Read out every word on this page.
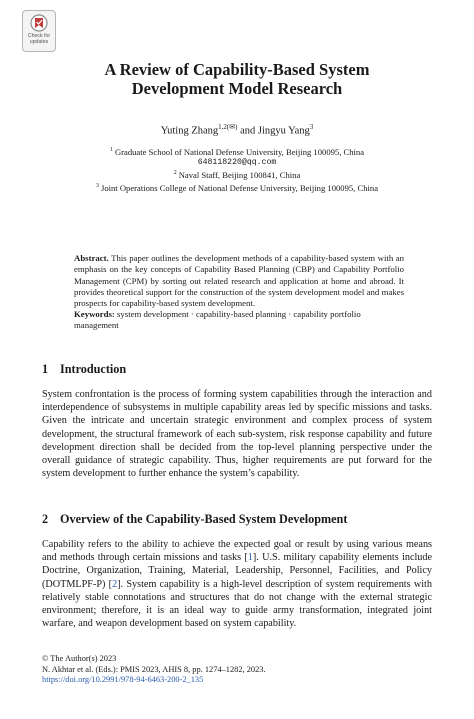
Check for
updates
A Review of Capability-Based System
Development Model Research
Yuting Zhang$^{1,2(✉)}$ and Jingyu Yang$^3$
$^1$ Graduate School of National Defense University, Beijing 100095, China
648118220@qq.com
$^2$ Naval Staff, Beijing 100841, China
$^3$ Joint Operations College of National Defense University, Beijing 100095, China
Abstract. This paper outlines the development methods of a capability-based system with an emphasis on the key concepts of Capability Based Planning (CBP) and Capability Portfolio Management (CPM) by sorting out related research and application at home and abroad. It provides theoretical support for the construction of the system development model and makes prospects for capability-based system development.
Keywords: system development · capability-based planning · capability portfolio management
1 Introduction
System confrontation is the process of forming system capabilities through the interaction and interdependence of subsystems in multiple capability areas led by specific missions and tasks. Given the intricate and uncertain strategic environment and complex process of system development, the structural framework of each sub-system, risk response capability and future development direction shall be decided from the top-level planning perspective under the overall guidance of strategic capability. Thus, higher requirements are put forward for the system development to further enhance the system’s capability.
2 Overview of the Capability-Based System Development
Capability refers to the ability to achieve the expected goal or result by using various means and methods through certain missions and tasks [1]. U.S. military capability elements include Doctrine, Organization, Training, Material, Leadership, Personnel, Facilities, and Policy (DOTMLPF-P) [2]. System capability is a high-level description of system requirements with relatively stable connotations and structures that do not change with the external strategic environment; therefore, it is an ideal way to guide army transformation, integrated joint warfare, and weapon development based on system capability.
© The Author(s) 2023
N. Akhtar et al. (Eds.): PMIS 2023, AHIS 8, pp. 1274–1282, 2023.
https://doi.org/10.2991/978-94-6463-200-2_135
